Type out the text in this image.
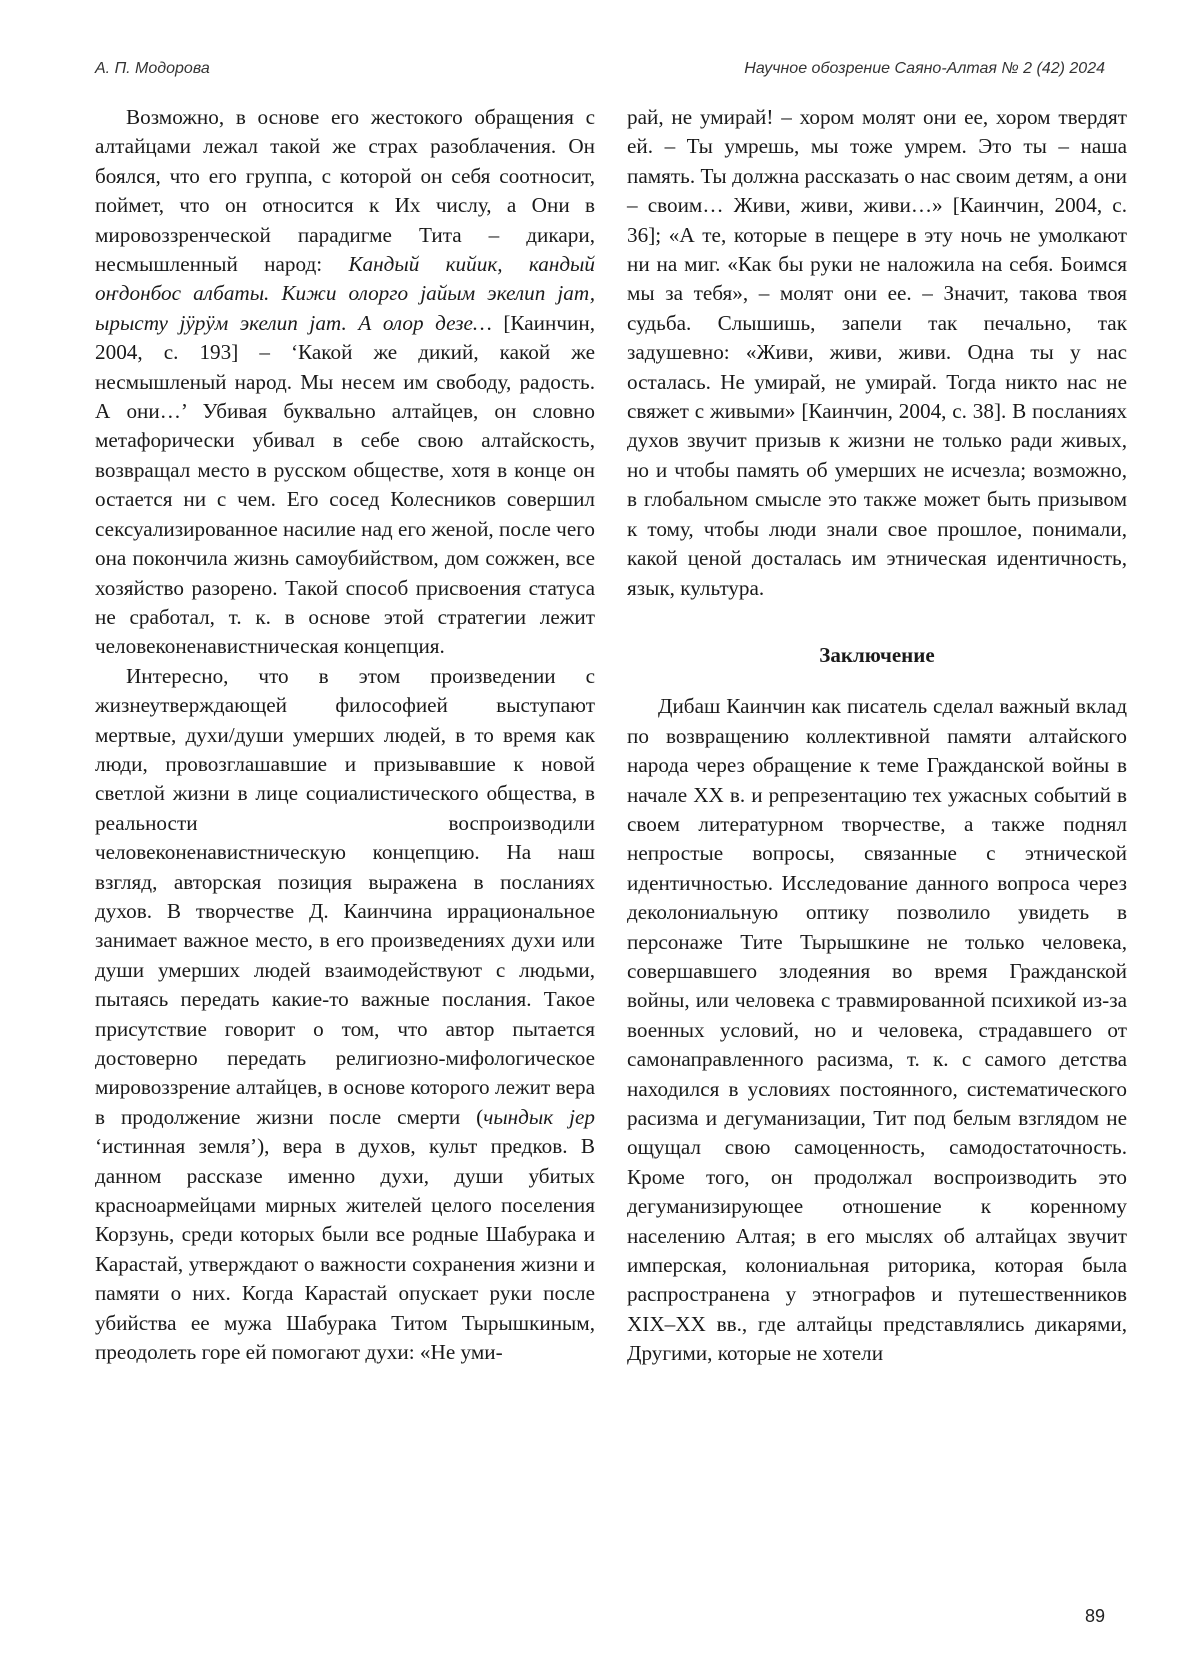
А. П. Модорова	Научное обозрение Саяно-Алтая № 2 (42) 2024

Возможно, в основе его жестокого обращения с алтайцами лежал такой же страх разоблачения. Он боялся, что его группа, с которой он себя соотносит, поймет, что он относится к Их числу, а Они в мировоззренческой парадигме Тита – дикари, несмышленный народ: Кандый кийик, кандый оҥдонбос албаты. Кижи олорго јайым экелип јат, ырысту јӱрӱм экелип јат. А олор дезе… [Каинчин, 2004, с. 193] – ‘Какой же дикий, какой же несмышленый народ. Мы несем им свободу, радость. А они…’ Убивая буквально алтайцев, он словно метафорически убивал в себе свою алтайскость, возвращал место в русском обществе, хотя в конце он остается ни с чем. Его сосед Колесников совершил сексуализированное насилие над его женой, после чего она покончила жизнь самоубийством, дом сожжен, все хозяйство разорено. Такой способ присвоения статуса не сработал, т. к. в основе этой стратегии лежит человеконенавистническая концепция.

Интересно, что в этом произведении с жизнеутверждающей философией выступают мертвые, духи/души умерших людей, в то время как люди, провозглашавшие и призывавшие к новой светлой жизни в лице социалистического общества, в реальности воспроизводили человеконенавистническую концепцию. На наш взгляд, авторская позиция выражена в посланиях духов. В творчестве Д. Каинчина иррациональное занимает важное место, в его произведениях духи или души умерших людей взаимодействуют с людьми, пытаясь передать какие-то важные послания. Такое присутствие говорит о том, что автор пытается достоверно передать религиозно-мифологическое мировоззрение алтайцев, в основе которого лежит вера в продолжение жизни после смерти (чындык јер ‘истинная земля’), вера в духов, культ предков. В данном рассказе именно духи, души убитых красноармейцами мирных жителей целого поселения Корзунь, среди которых были все родные Шабурака и Карастай, утверждают о важности сохранения жизни и памяти о них. Когда Карастай опускает руки после убийства ее мужа Шабурака Титом Тырышкиным, преодолеть горе ей помогают духи: «Не уми-

рай, не умирай! – хором молят они ее, хором твердят ей. – Ты умрешь, мы тоже умрем. Это ты – наша память. Ты должна рассказать о нас своим детям, а они – своим… Живи, живи, живи…» [Каинчин, 2004, с. 36]; «А те, которые в пещере в эту ночь не умолкают ни на миг. «Как бы руки не наложила на себя. Боимся мы за тебя», – молят они ее. – Значит, такова твоя судьба. Слышишь, запели так печально, так задушевно: «Живи, живи, живи. Одна ты у нас осталась. Не умирай, не умирай. Тогда никто нас не свяжет с живыми» [Каинчин, 2004, с. 38]. В посланиях духов звучит призыв к жизни не только ради живых, но и чтобы память об умерших не исчезла; возможно, в глобальном смысле это также может быть призывом к тому, чтобы люди знали свое прошлое, понимали, какой ценой досталась им этническая идентичность, язык, культура.

Заключение

Дибаш Каинчин как писатель сделал важный вклад по возвращению коллективной памяти алтайского народа через обращение к теме Гражданской войны в начале XX в. и репрезентацию тех ужасных событий в своем литературном творчестве, а также поднял непростые вопросы, связанные с этнической идентичностью. Исследование данного вопроса через деколониальную оптику позволило увидеть в персонаже Тите Тырышкине не только человека, совершавшего злодеяния во время Гражданской войны, или человека с травмированной психикой из-за военных условий, но и человека, страдавшего от самонаправленного расизма, т. к. с самого детства находился в условиях постоянного, систематического расизма и дегуманизации, Тит под белым взглядом не ощущал свою самоценность, самодостаточность. Кроме того, он продолжал воспроизводить это дегуманизирующее отношение к коренному населению Алтая; в его мыслях об алтайцах звучит имперская, колониальная риторика, которая была распространена у этнографов и путешественников XIX–XX вв., где алтайцы представлялись дикарями, Другими, которые не хотели

89
